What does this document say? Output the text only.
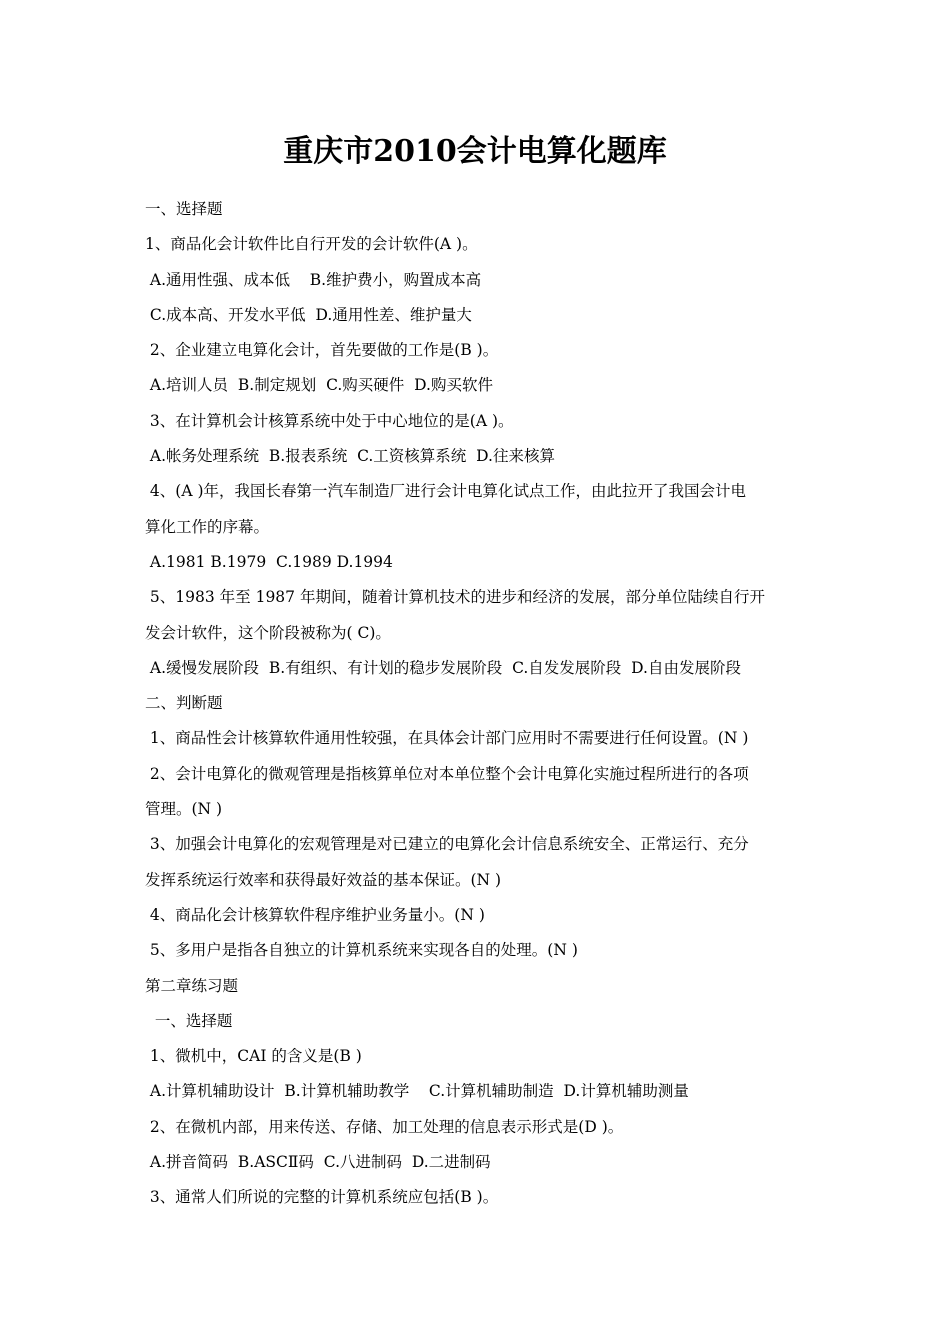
重庆市2010会计电算化题库
一、选择题
1、商品化会计软件比自行开发的会计软件(A )。
A.通用性强、成本低    B.维护费小，购置成本高
C.成本高、开发水平低  D.通用性差、维护量大
2、企业建立电算化会计，首先要做的工作是(B )。
A.培训人员  B.制定规划  C.购买硬件  D.购买软件
3、在计算机会计核算系统中处于中心地位的是(A )。
A.帐务处理系统  B.报表系统  C.工资核算系统  D.往来核算
4、(A )年，我国长春第一汽车制造厂进行会计电算化试点工作，由此拉开了我国会计电
算化工作的序幕。
A.1981 B.1979  C.1989 D.1994
5、1983 年至 1987 年期间，随着计算机技术的进步和经济的发展，部分单位陆续自行开
发会计软件，这个阶段被称为( C)。
A.缓慢发展阶段  B.有组织、有计划的稳步发展阶段  C.自发发展阶段  D.自由发展阶段
二、判断题
1、商品性会计核算软件通用性较强，在具体会计部门应用时不需要进行任何设置。(N )
2、会计电算化的微观管理是指核算单位对本单位整个会计电算化实施过程所进行的各项
管理。(N )
3、加强会计电算化的宏观管理是对已建立的电算化会计信息系统安全、正常运行、充分
发挥系统运行效率和获得最好效益的基本保证。(N )
4、商品化会计核算软件程序维护业务量小。(N )
5、多用户是指各自独立的计算机系统来实现各自的处理。(N )
第二章练习题
一、选择题
1、微机中，CAI 的含义是(B )
A.计算机辅助设计  B.计算机辅助教学    C.计算机辅助制造  D.计算机辅助测量
2、在微机内部，用来传送、存储、加工处理的信息表示形式是(D )。
A.拼音简码  B.ASCⅡ码  C.八进制码  D.二进制码
3、通常人们所说的完整的计算机系统应包括(B )。
